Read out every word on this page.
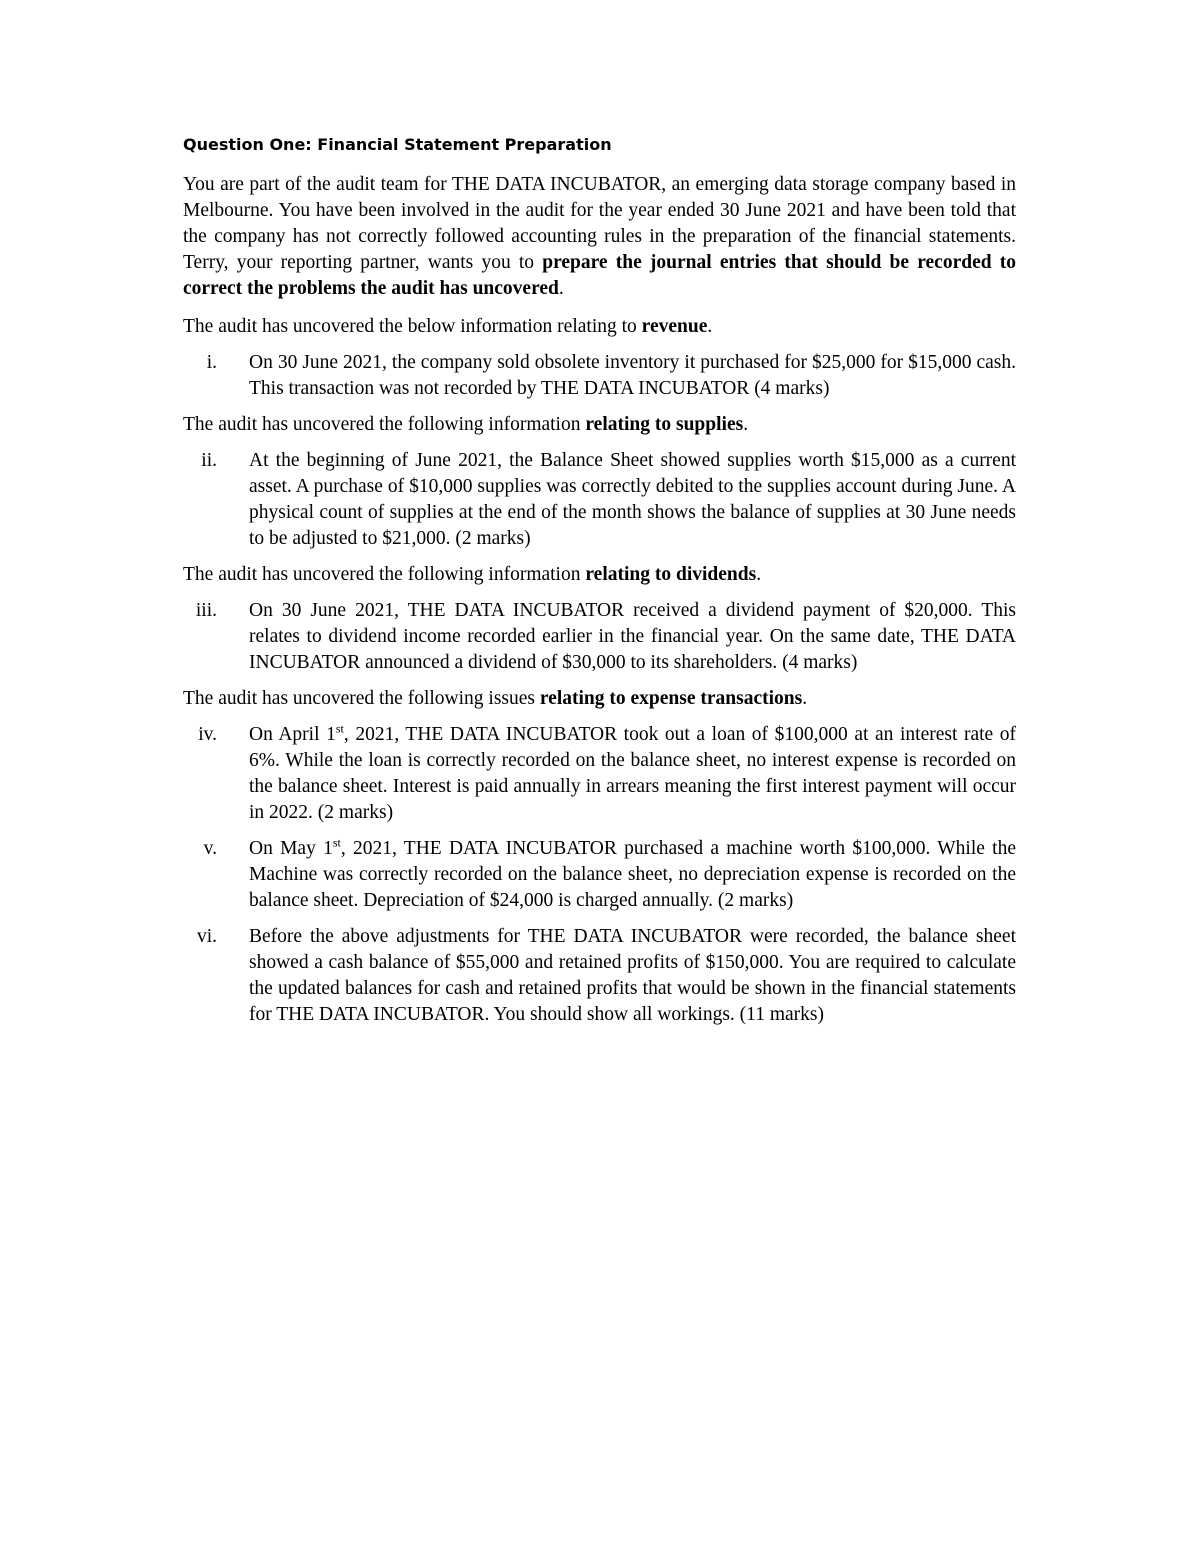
Question One: Financial Statement Preparation

You are part of the audit team for THE DATA INCUBATOR, an emerging data storage company based in Melbourne. You have been involved in the audit for the year ended 30 June 2021 and have been told that the company has not correctly followed accounting rules in the preparation of the financial statements. Terry, your reporting partner, wants you to prepare the journal entries that should be recorded to correct the problems the audit has uncovered.

The audit has uncovered the below information relating to revenue.

i. On 30 June 2021, the company sold obsolete inventory it purchased for $25,000 for $15,000 cash. This transaction was not recorded by THE DATA INCUBATOR (4 marks)

The audit has uncovered the following information relating to supplies.

ii. At the beginning of June 2021, the Balance Sheet showed supplies worth $15,000 as a current asset. A purchase of $10,000 supplies was correctly debited to the supplies account during June. A physical count of supplies at the end of the month shows the balance of supplies at 30 June needs to be adjusted to $21,000. (2 marks)

The audit has uncovered the following information relating to dividends.

iii. On 30 June 2021, THE DATA INCUBATOR received a dividend payment of $20,000. This relates to dividend income recorded earlier in the financial year. On the same date, THE DATA INCUBATOR announced a dividend of $30,000 to its shareholders. (4 marks)

The audit has uncovered the following issues relating to expense transactions.

iv. On April 1st, 2021, THE DATA INCUBATOR took out a loan of $100,000 at an interest rate of 6%. While the loan is correctly recorded on the balance sheet, no interest expense is recorded on the balance sheet. Interest is paid annually in arrears meaning the first interest payment will occur in 2022. (2 marks)
v. On May 1st, 2021, THE DATA INCUBATOR purchased a machine worth $100,000. While the Machine was correctly recorded on the balance sheet, no depreciation expense is recorded on the balance sheet. Depreciation of $24,000 is charged annually. (2 marks)
vi. Before the above adjustments for THE DATA INCUBATOR were recorded, the balance sheet showed a cash balance of $55,000 and retained profits of $150,000. You are required to calculate the updated balances for cash and retained profits that would be shown in the financial statements for THE DATA INCUBATOR. You should show all workings. (11 marks)
